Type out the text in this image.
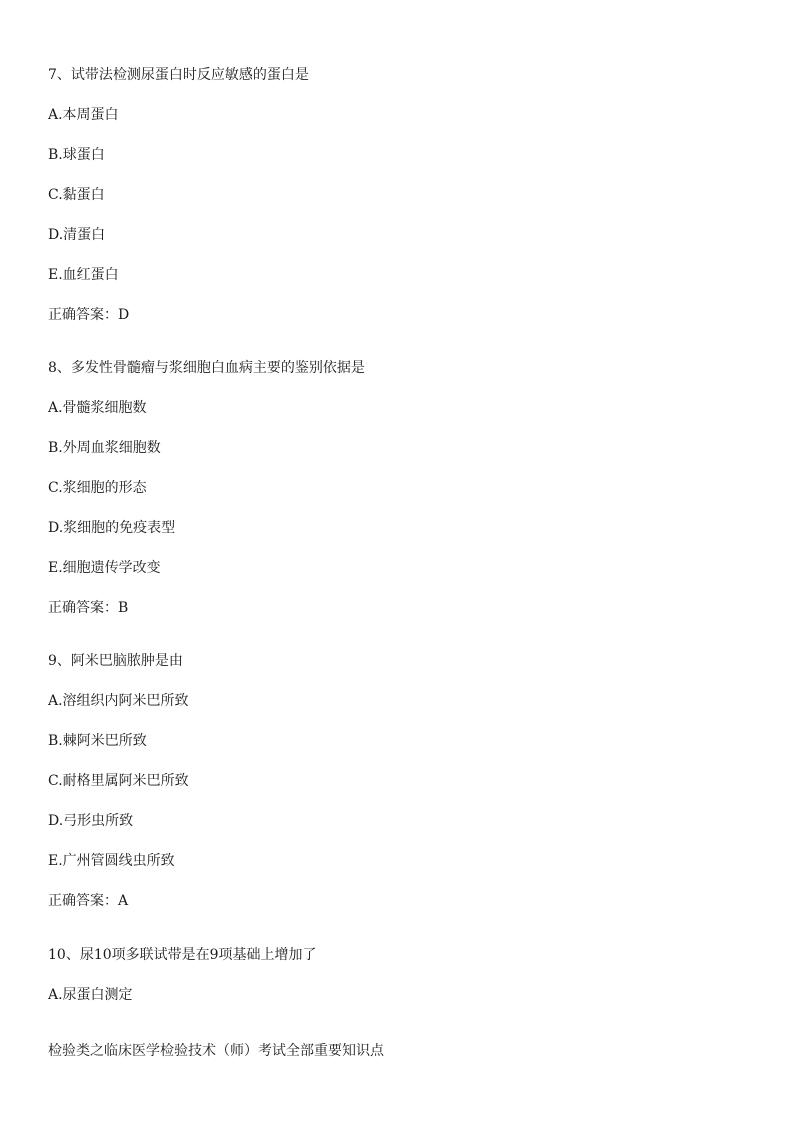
7、试带法检测尿蛋白时反应敏感的蛋白是
A.本周蛋白
B.球蛋白
C.黏蛋白
D.清蛋白
E.血红蛋白
正确答案：D
8、多发性骨髓瘤与浆细胞白血病主要的鉴别依据是
A.骨髓浆细胞数
B.外周血浆细胞数
C.浆细胞的形态
D.浆细胞的免疫表型
E.细胞遗传学改变
正确答案：B
9、阿米巴脑脓肿是由
A.溶组织内阿米巴所致
B.棘阿米巴所致
C.耐格里属阿米巴所致
D.弓形虫所致
E.广州管圆线虫所致
正确答案：A
10、尿10项多联试带是在9项基础上增加了
A.尿蛋白测定
检验类之临床医学检验技术（师）考试全部重要知识点
